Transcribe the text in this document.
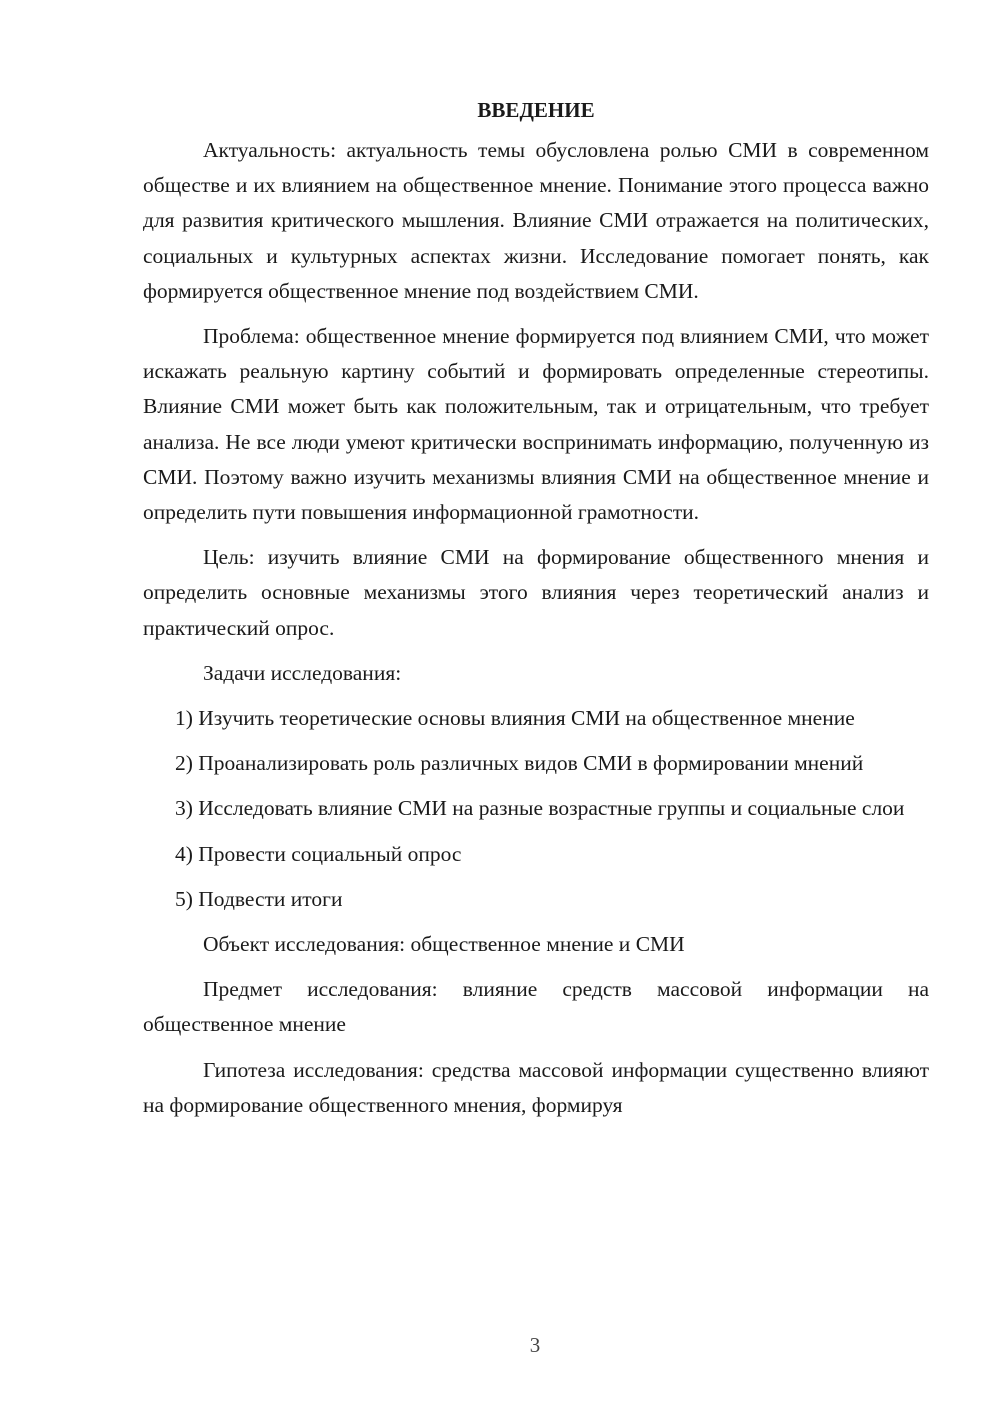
ВВЕДЕНИЕ

Актуальность: актуальность темы обусловлена ролью СМИ в современном обществе и их влиянием на общественное мнение. Понимание этого процесса важно для развития критического мышления. Влияние СМИ отражается на политических, социальных и культурных аспектах жизни. Исследование помогает понять, как формируется общественное мнение под воздействием СМИ.

Проблема: общественное мнение формируется под влиянием СМИ, что может искажать реальную картину событий и формировать определенные стереотипы. Влияние СМИ может быть как положительным, так и отрицательным, что требует анализа. Не все люди умеют критически воспринимать информацию, полученную из СМИ. Поэтому важно изучить механизмы влияния СМИ на общественное мнение и определить пути повышения информационной грамотности.

Цель: изучить влияние СМИ на формирование общественного мнения и определить основные механизмы этого влияния через теоретический анализ и практический опрос.

Задачи исследования:

1) Изучить теоретические основы влияния СМИ на общественное мнение

2) Проанализировать роль различных видов СМИ в формировании мнений

3) Исследовать влияние СМИ на разные возрастные группы и социальные слои

4) Провести социальный опрос

5) Подвести итоги

Объект исследования: общественное мнение и СМИ

Предмет исследования: влияние средств массовой информации на общественное мнение

Гипотеза исследования: средства массовой информации существенно влияют на формирование общественного мнения, формируя

3
